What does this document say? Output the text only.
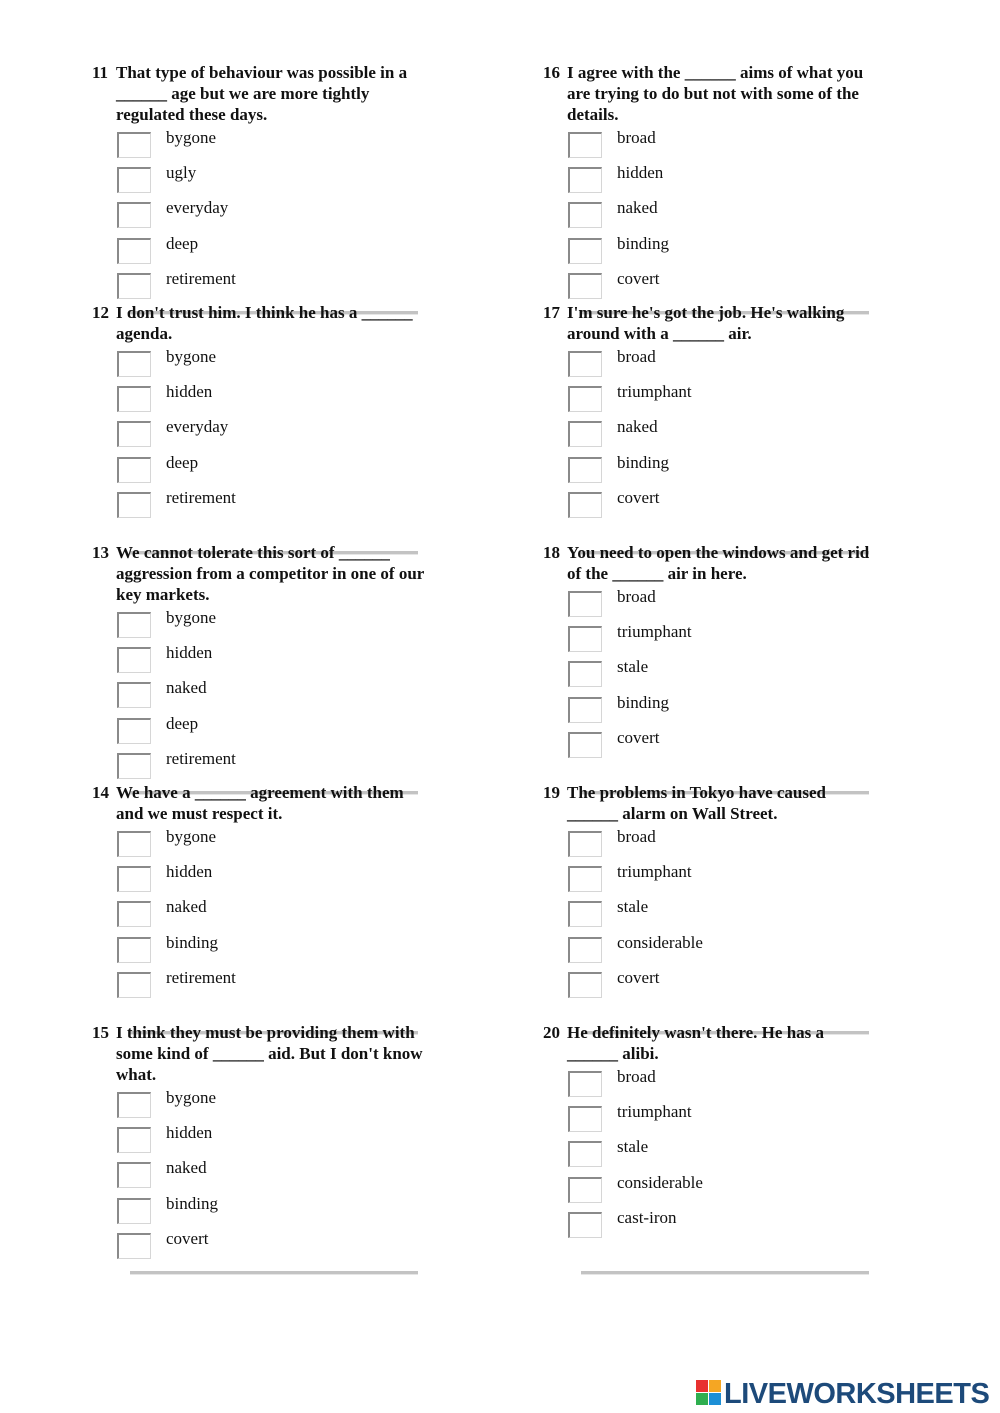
11 That type of behaviour was possible in a
______ age but we are more tightly
regulated these days.

bygone
ugly
everyday
deep
retirement

12 I don't trust him. I think he has a ______
agenda.

bygone
hidden
everyday
deep
retirement

13 We cannot tolerate this sort of ______
aggression from a competitor in one of our
key markets.

bygone
hidden
naked
deep
retirement

14 We have a ______ agreement with them
and we must respect it.

bygone
hidden
naked
binding
retirement

15 I think they must be providing them with
some kind of ______ aid. But I don't know
what.

bygone
hidden
naked
binding
covert

16 I agree with the ______ aims of what you
are trying to do but not with some of the
details.

broad
hidden
naked
binding
covert

17 I'm sure he's got the job. He's walking
around with a ______ air.

broad
triumphant
naked
binding
covert

18 You need to open the windows and get rid
of the ______ air in here.

broad
triumphant
stale
binding
covert

19 The problems in Tokyo have caused
______ alarm on Wall Street.

broad
triumphant
stale
considerable
covert

20 He definitely wasn't there. He has a
______ alibi.

broad
triumphant
stale
considerable
cast-iron
LIVEWORKSHEETS
